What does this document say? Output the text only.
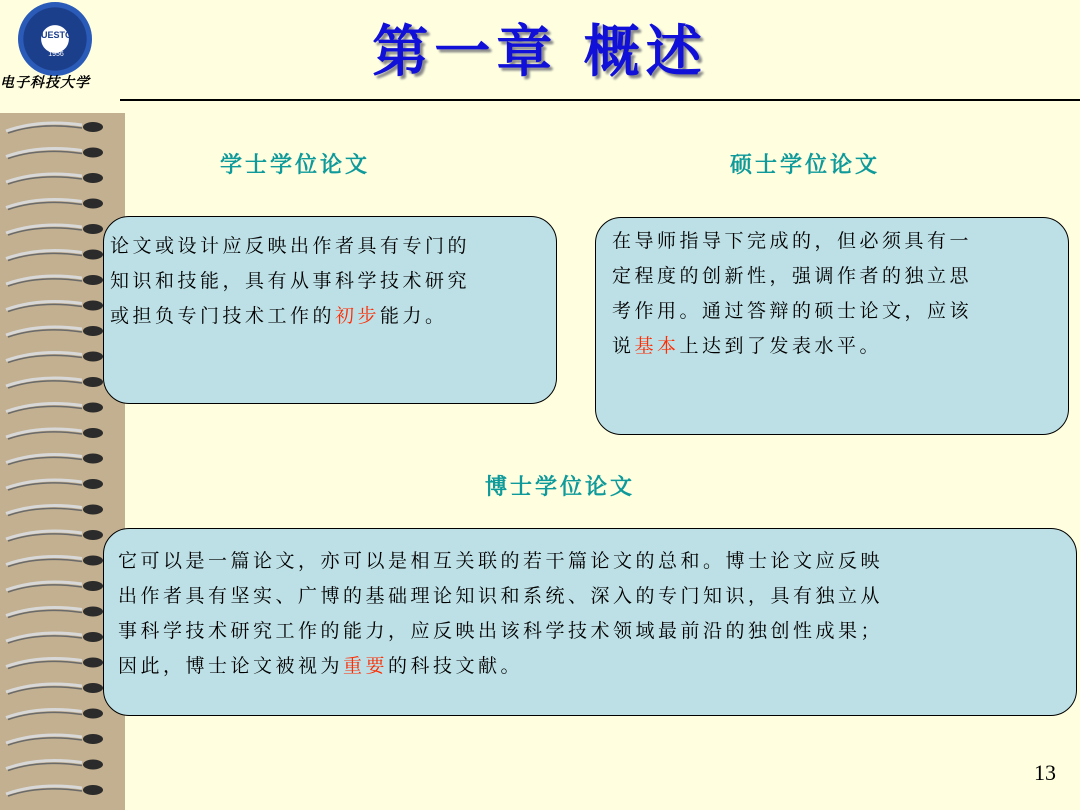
UESTC
1956
电子科技大学	第一章 概述
学士学位论文
论文或设计应反映出作者具有专门的
知识和技能，具有从事科学技术研究
或担负专门技术工作的初步能力。
硕士学位论文
在导师指导下完成的，但必须具有一
定程度的创新性，强调作者的独立思
考作用。通过答辩的硕士论文，应该
说基本上达到了发表水平。
博士学位论文
它可以是一篇论文，亦可以是相互关联的若干篇论文的总和。博士论文应反映
出作者具有坚实、广博的基础理论知识和系统、深入的专门知识，具有独立从
事科学技术研究工作的能力，应反映出该科学技术领域最前沿的独创性成果；
因此，博士论文被视为重要的科技文献。
13
